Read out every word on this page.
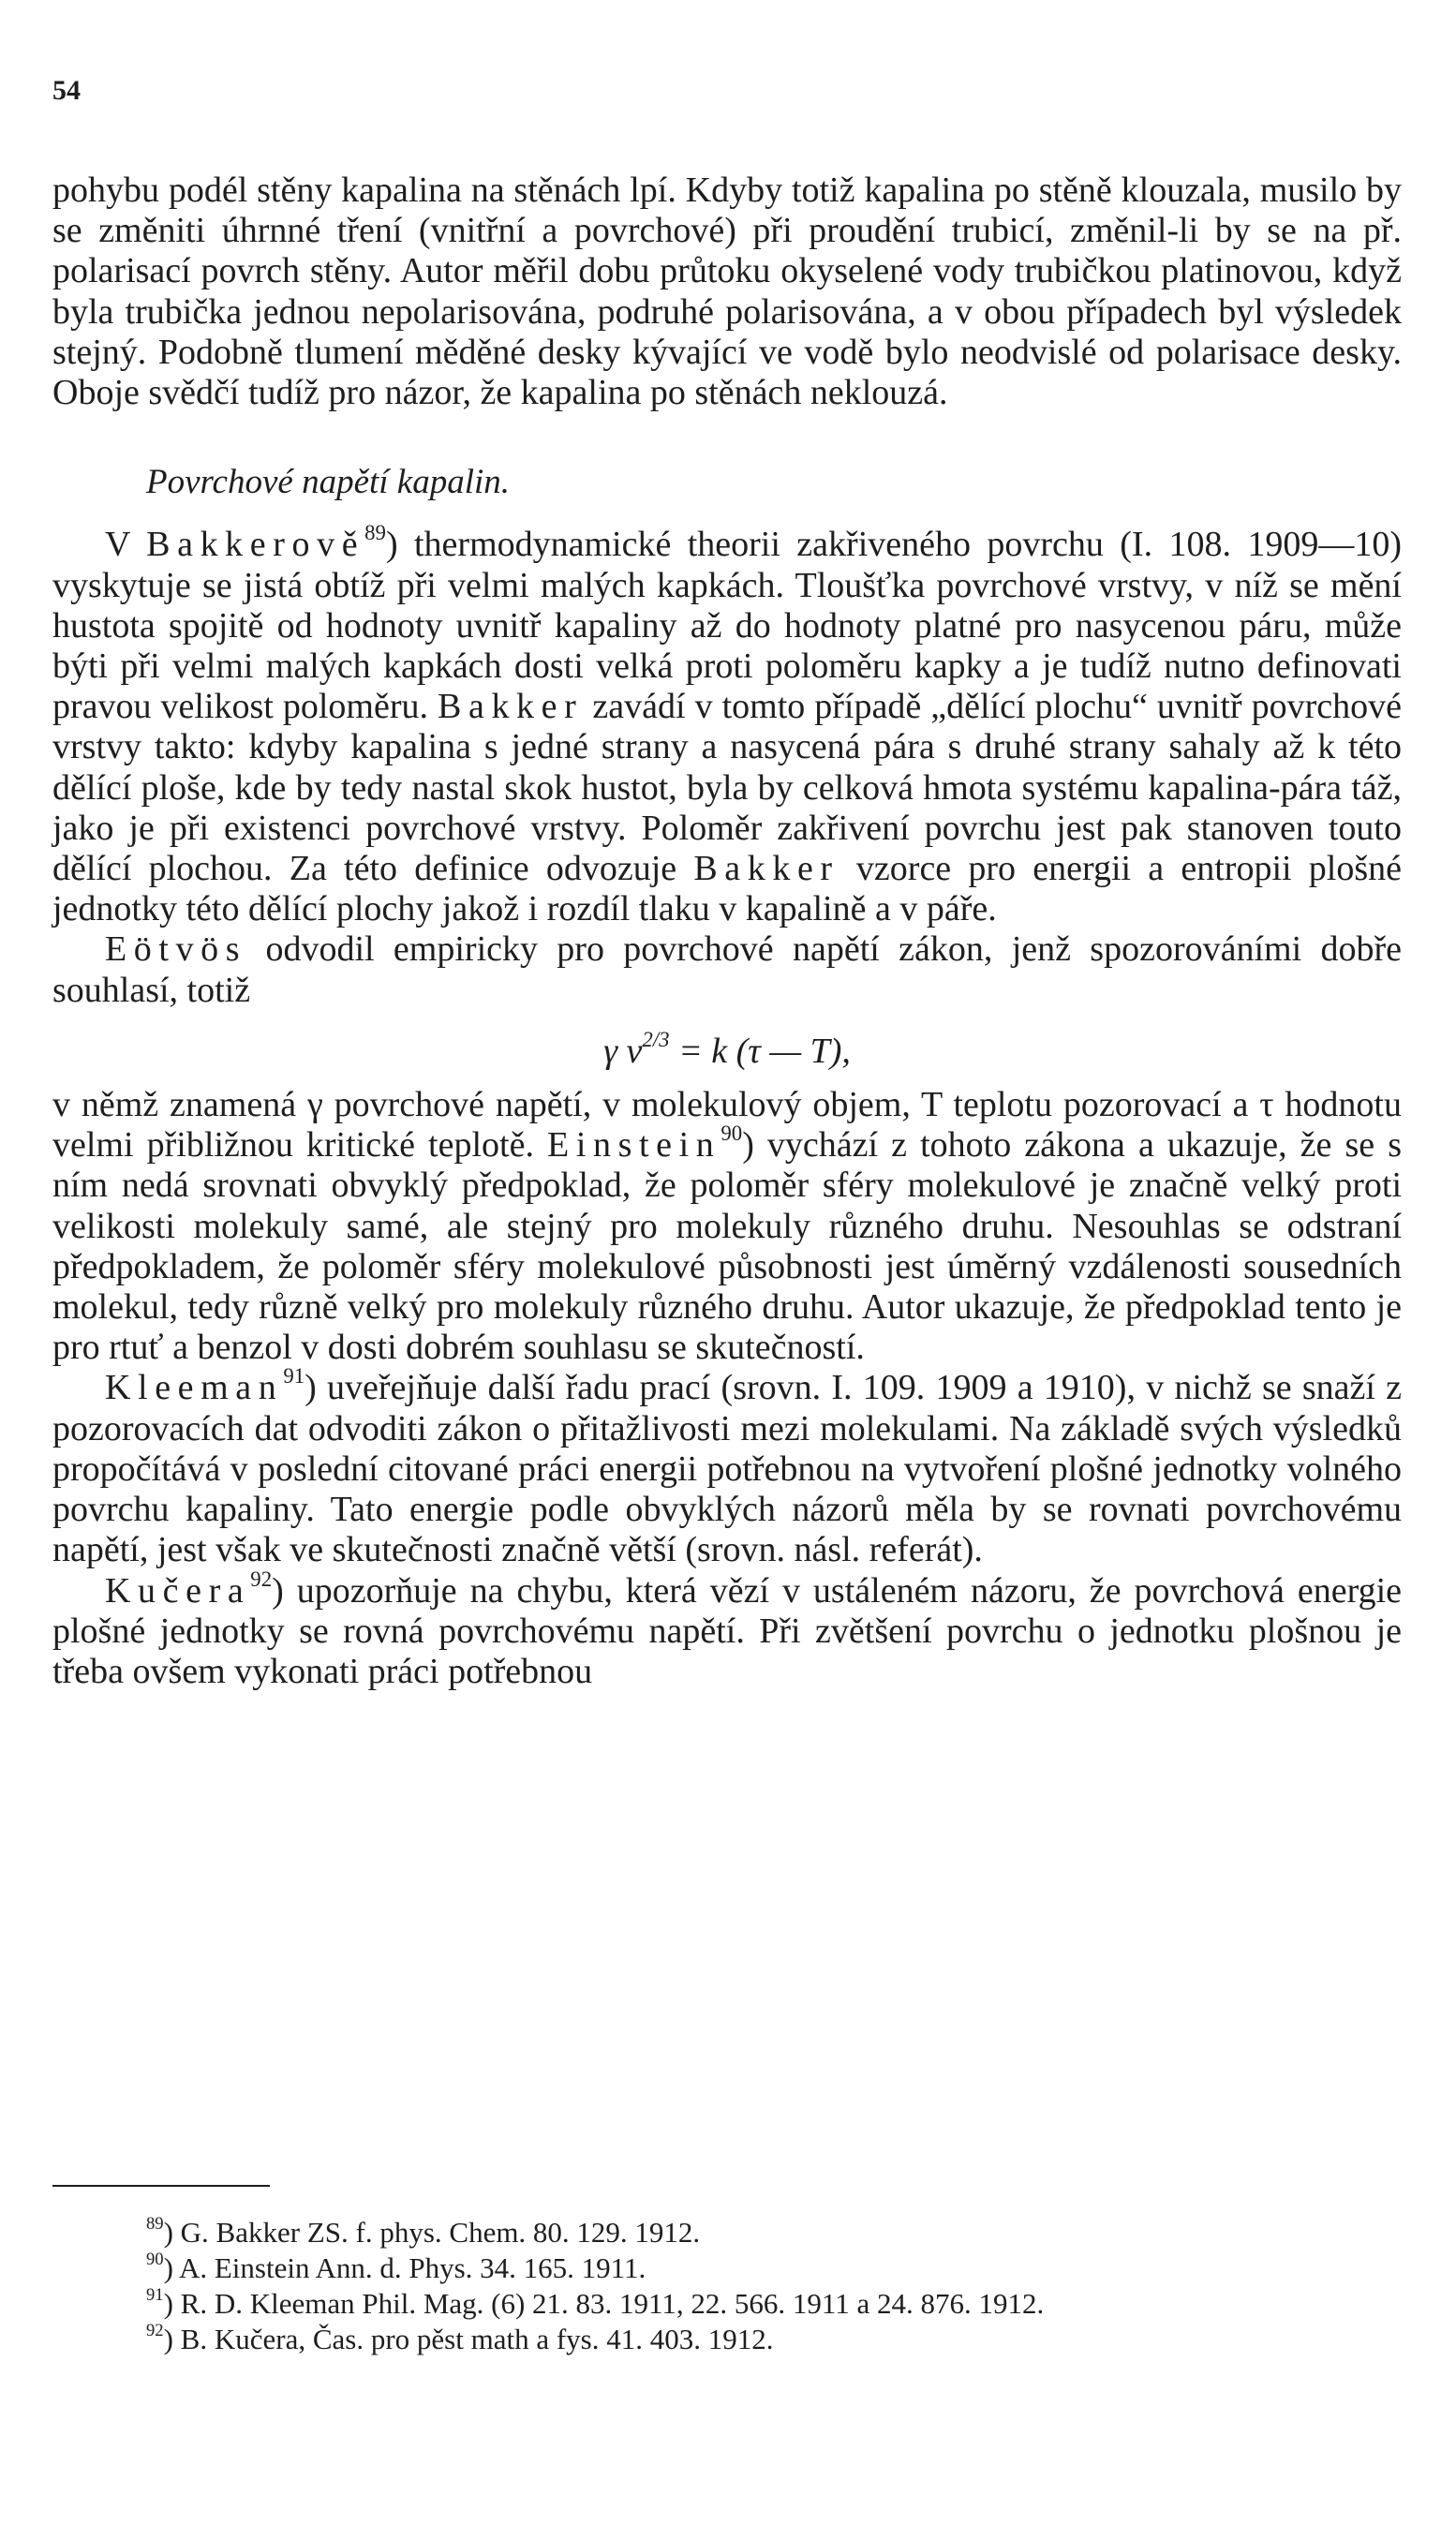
54

pohybu podél stěny kapalina na stěnách lpí. Kdyby totiž kapalina po stěně klouzala, musilo by se změniti úhrnné tření (vnitřní a povrchové) při proudění trubicí, změnil-li by se na př. polarisací povrch stěny. Autor měřil dobu průtoku okyselené vody trubičkou platinovou, když byla trubička jednou nepolarisována, podruhé polarisována, a v obou případech byl výsledek stejný. Podobně tlumení měděné desky kývající ve vodě bylo neodvislé od polarisace desky. Oboje svědčí tudíž pro názor, že kapalina po stěnách neklouzá.

Povrchové napětí kapalin.

V Bakkerově$^{89}$) thermodynamické theorii zakřiveného povrchu (I. 108. 1909—10) vyskytuje se jistá obtíž při velmi malých kapkách. Tloušťka povrchové vrstvy, v níž se mění hustota spojitě od hodnoty uvnitř kapaliny až do hodnoty platné pro nasycenou páru, může býti při velmi malých kapkách dosti velká proti poloměru kapky a je tudíž nutno definovati pravou velikost poloměru. Bakker zavádí v tomto případě „dělící plochu“ uvnitř povrchové vrstvy takto: kdyby kapalina s jedné strany a nasycená pára s druhé strany sahaly až k této dělící ploše, kde by tedy nastal skok hustot, byla by celková hmota systému kapalina-pára táž, jako je při existenci povrchové vrstvy. Poloměr zakřivení povrchu jest pak stanoven touto dělící plochou. Za této definice odvozuje Bakker vzorce pro energii a entropii plošné jednotky této dělící plochy jakož i rozdíl tlaku v kapalině a v páře.

Eötvös odvodil empiricky pro povrchové napětí zákon, jenž spozorováními dobře souhlasí, totiž

γ $v^{2/3} = k$ (τ — T),

v němž znamená γ povrchové napětí, v molekulový objem, T teplotu pozorovací a τ hodnotu velmi přibližnou kritické teplotě. Einstein$^{90}$) vychází z tohoto zákona a ukazuje, že se s ním nedá srovnati obvyklý předpoklad, že poloměr sféry molekulové je značně velký proti velikosti molekuly samé, ale stejný pro molekuly různého druhu. Nesouhlas se odstraní předpokladem, že poloměr sféry molekulové působnosti jest úměrný vzdálenosti sousedních molekul, tedy různě velký pro molekuly různého druhu. Autor ukazuje, že předpoklad tento je pro rtuť a benzol v dosti dobrém souhlasu se skutečností.

Kleeman$^{91}$) uveřejňuje další řadu prací (srovn. I. 109. 1909 a 1910), v nichž se snaží z pozorovacích dat odvoditi zákon o přitažlivosti mezi molekulami. Na základě svých výsledků propočítává v poslední citované práci energii potřebnou na vytvoření plošné jednotky volného povrchu kapaliny. Tato energie podle obvyklých názorů měla by se rovnati povrchovému napětí, jest však ve skutečnosti značně větší (srovn. násl. referát).

Kučera$^{92}$) upozorňuje na chybu, která vězí v ustáleném názoru, že povrchová energie plošné jednotky se rovná povrchovému napětí. Při zvětšení povrchu o jednotku plošnou je třeba ovšem vykonati práci potřebnou

$^{89}$) G. Bakker ZS. f. phys. Chem. 80. 129. 1912.

$^{90}$) A. Einstein Ann. d. Phys. 34. 165. 1911.

$^{91}$) R. D. Kleeman Phil. Mag. (6) 21. 83. 1911, 22. 566. 1911 a 24. 876. 1912.

$^{92}$) B. Kučera, Čas. pro pěst math a fys. 41. 403. 1912.
